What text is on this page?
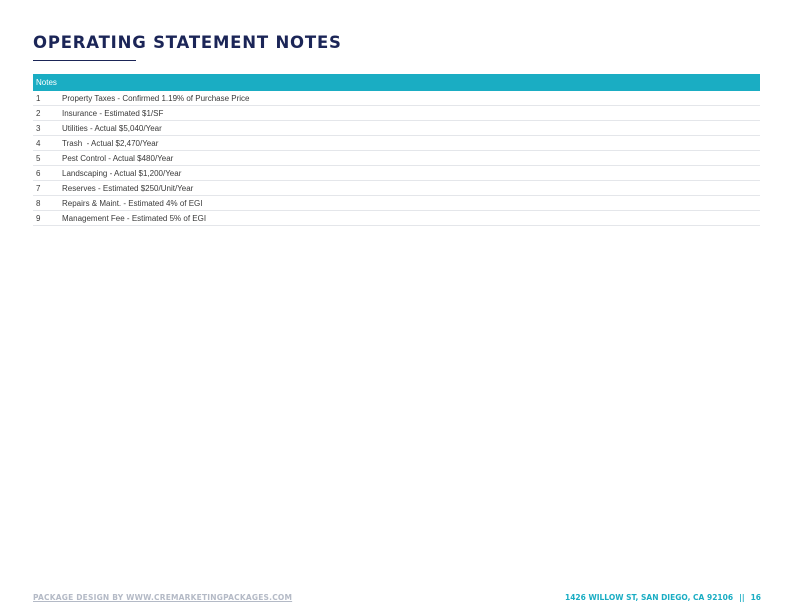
OPERATING STATEMENT NOTES
Notes	
1	Property Taxes - Confirmed 1.19% of Purchase Price
2	Insurance - Estimated $1/SF
3	Utilities - Actual $5,040/Year
4	Trash  - Actual $2,470/Year
5	Pest Control - Actual $480/Year
6	Landscaping - Actual $1,200/Year
7	Reserves - Estimated $250/Unit/Year
8	Repairs & Maint. - Estimated 4% of EGI
9	Management Fee - Estimated 5% of EGI
PACKAGE DESIGN BY WWW.CREMARKETINGPACKAGES.COM	1426 WILLOW ST, SAN DIEGO, CA 92106 || 16
